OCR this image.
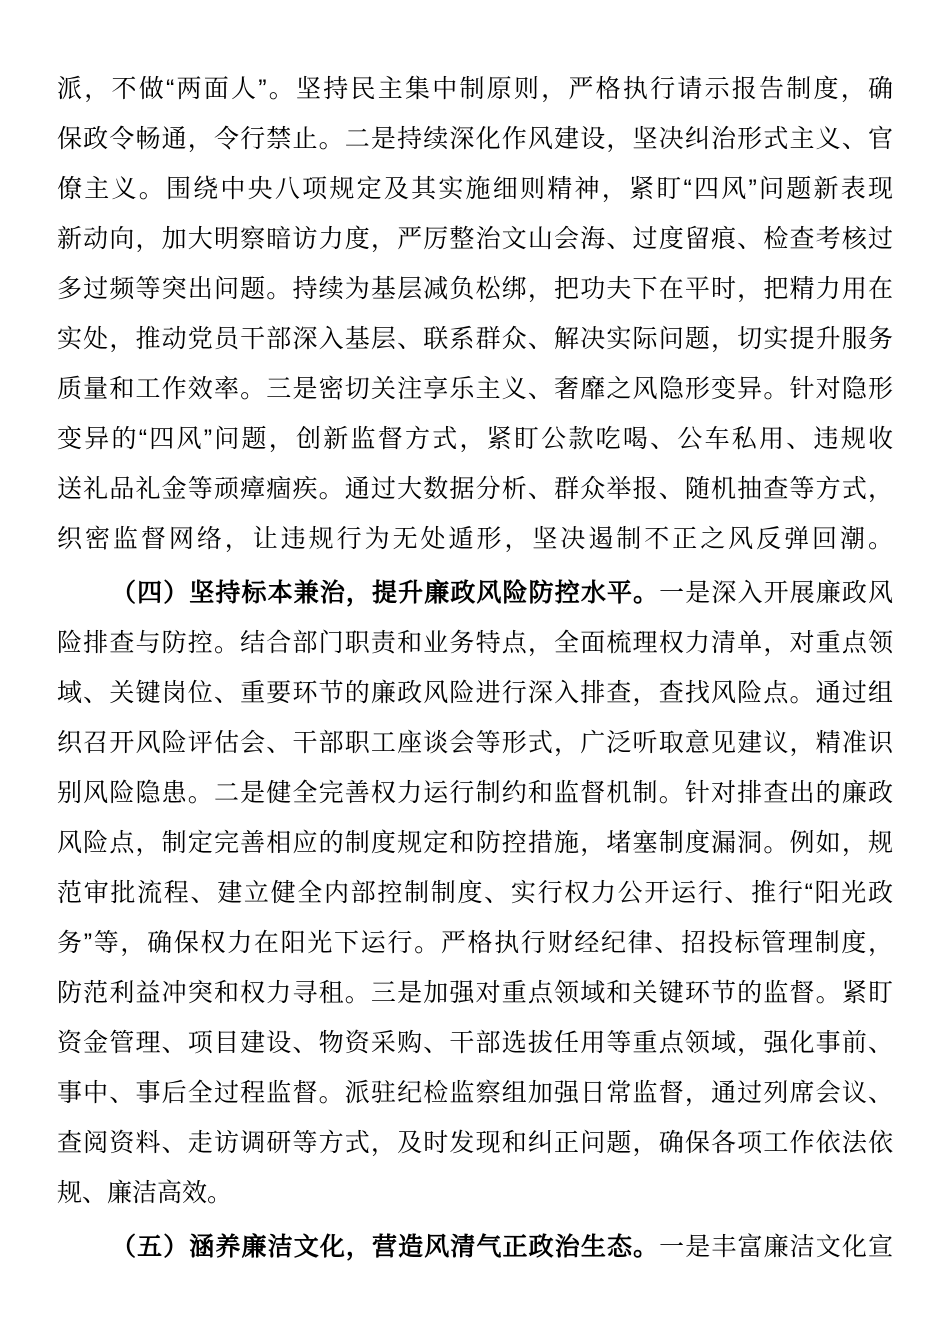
派，不做“两面人”。坚持民主集中制原则，严格执行请示报告制度，确
保政令畅通，令行禁止。二是持续深化作风建设，坚决纠治形式主义、官
僚主义。围绕中央八项规定及其实施细则精神，紧盯“四风”问题新表现
新动向，加大明察暗访力度，严厉整治文山会海、过度留痕、检查考核过
多过频等突出问题。持续为基层减负松绑，把功夫下在平时，把精力用在
实处，推动党员干部深入基层、联系群众、解决实际问题，切实提升服务
质量和工作效率。三是密切关注享乐主义、奢靡之风隐形变异。针对隐形
变异的“四风”问题，创新监督方式，紧盯公款吃喝、公车私用、违规收
送礼品礼金等顽瘴痼疾。通过大数据分析、群众举报、随机抽查等方式，
织密监督网络，让违规行为无处遁形，坚决遏制不正之风反弹回潮。
（四）坚持标本兼治，提升廉政风险防控水平。一是深入开展廉政风
险排查与防控。结合部门职责和业务特点，全面梳理权力清单，对重点领
域、关键岗位、重要环节的廉政风险进行深入排查，查找风险点。通过组
织召开风险评估会、干部职工座谈会等形式，广泛听取意见建议，精准识
别风险隐患。二是健全完善权力运行制约和监督机制。针对排查出的廉政
风险点，制定完善相应的制度规定和防控措施，堵塞制度漏洞。例如，规
范审批流程、建立健全内部控制制度、实行权力公开运行、推行“阳光政
务”等，确保权力在阳光下运行。严格执行财经纪律、招投标管理制度，
防范利益冲突和权力寻租。三是加强对重点领域和关键环节的监督。紧盯
资金管理、项目建设、物资采购、干部选拔任用等重点领域，强化事前、
事中、事后全过程监督。派驻纪检监察组加强日常监督，通过列席会议、
查阅资料、走访调研等方式，及时发现和纠正问题，确保各项工作依法依
规、廉洁高效。
（五）涵养廉洁文化，营造风清气正政治生态。一是丰富廉洁文化宣
